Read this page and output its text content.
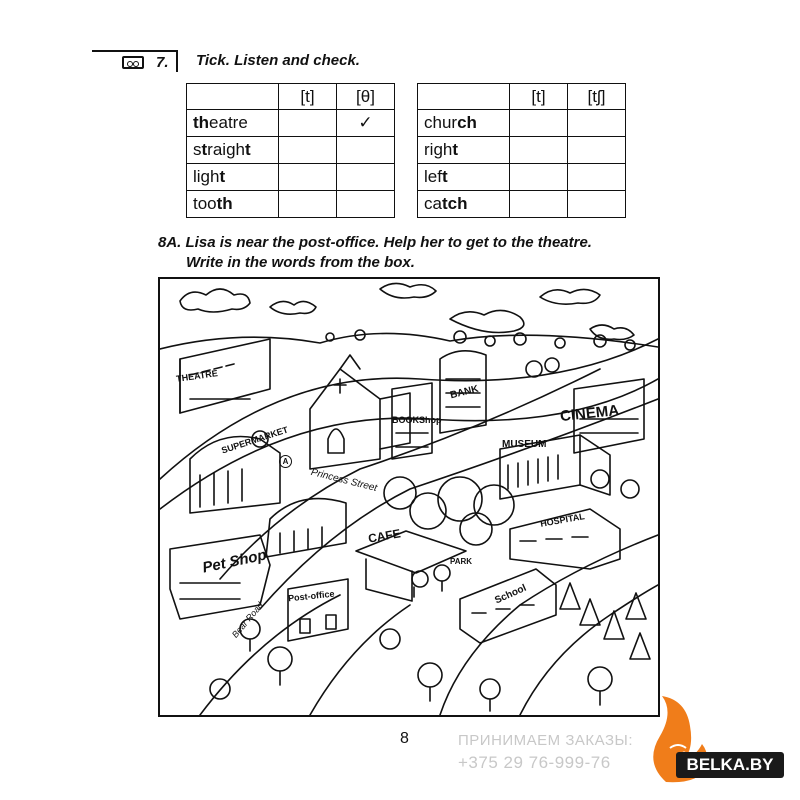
7. Tick. Listen and check.
	[t]	[θ]
theatre		✓
straight		
light		
tooth		
	[t]	[tʃ]
church		
right		
left		
catch		
8A. Lisa is near the post-office. Help her to get to the theatre.
Write in the words from the box.
THEATRE
SUPERMARKET
BOOKShop
BANK
CINEMA
MUSEUM
HOSPITAL
CAFE
PARK
School
Pet Shop
Post-office
Princess Street
Bear Road
A
8	ПРИНИМАЕМ ЗАКАЗЫ:
+375 29 76-999-76	BELKA.BY
